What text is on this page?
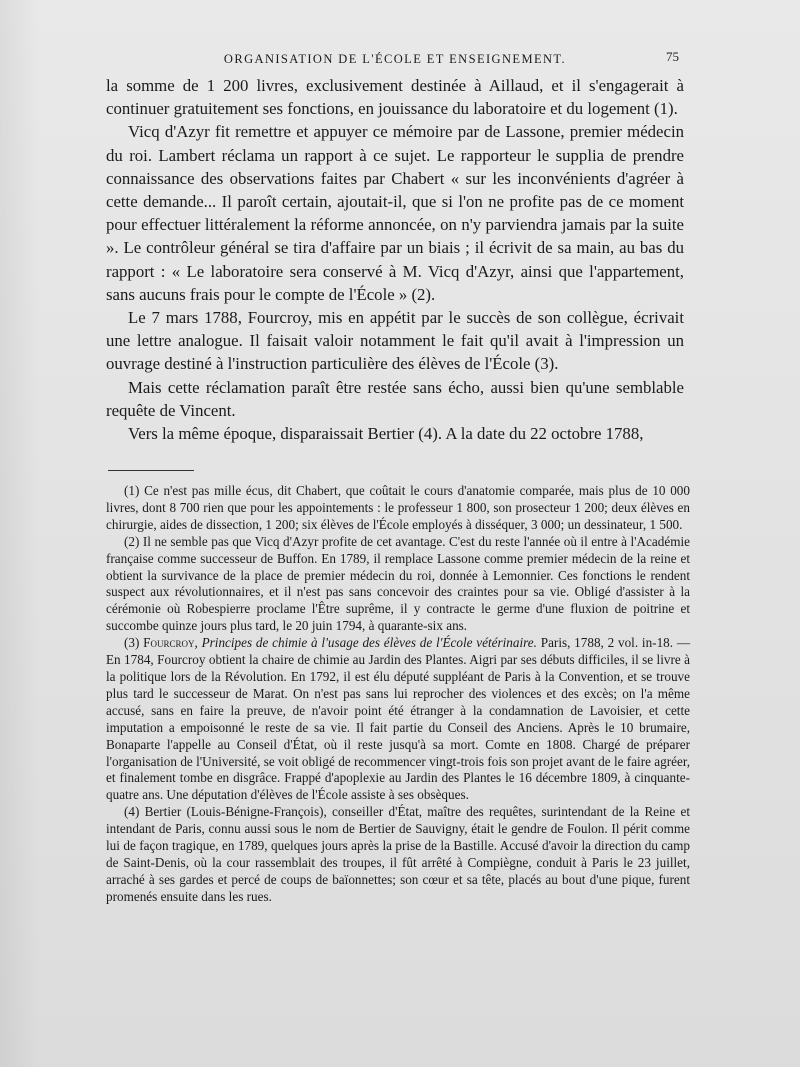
ORGANISATION DE L'ÉCOLE ET ENSEIGNEMENT.	75

la somme de 1 200 livres, exclusivement destinée à Aillaud, et il s'engagerait à continuer gratuitement ses fonctions, en jouissance du laboratoire et du logement (1).

Vicq d'Azyr fit remettre et appuyer ce mémoire par de Lassone, premier médecin du roi. Lambert réclama un rapport à ce sujet. Le rapporteur le supplia de prendre connaissance des observations faites par Chabert « sur les inconvénients d'agréer à cette demande... Il paroît certain, ajoutait-il, que si l'on ne profite pas de ce moment pour effectuer littéralement la réforme annoncée, on n'y parviendra jamais par la suite ». Le contrôleur général se tira d'affaire par un biais ; il écrivit de sa main, au bas du rapport : « Le laboratoire sera conservé à M. Vicq d'Azyr, ainsi que l'appartement, sans aucuns frais pour le compte de l'École » (2).

Le 7 mars 1788, Fourcroy, mis en appétit par le succès de son collègue, écrivait une lettre analogue. Il faisait valoir notamment le fait qu'il avait à l'impression un ouvrage destiné à l'instruction particulière des élèves de l'École (3).

Mais cette réclamation paraît être restée sans écho, aussi bien qu'une semblable requête de Vincent.

Vers la même époque, disparaissait Bertier (4). A la date du 22 octobre 1788,

(1) Ce n'est pas mille écus, dit Chabert, que coûtait le cours d'anatomie comparée, mais plus de 10 000 livres, dont 8 700 rien que pour les appointements : le professeur 1 800, son prosecteur 1 200; deux élèves en chirurgie, aides de dissection, 1 200; six élèves de l'École employés à disséquer, 3 000; un dessinateur, 1 500.

(2) Il ne semble pas que Vicq d'Azyr profite de cet avantage. C'est du reste l'année où il entre à l'Académie française comme successeur de Buffon. En 1789, il remplace Lassone comme premier médecin de la reine et obtient la survivance de la place de premier médecin du roi, donnée à Lemonnier. Ces fonctions le rendent suspect aux révolutionnaires, et il n'est pas sans concevoir des craintes pour sa vie. Obligé d'assister à la cérémonie où Robespierre proclame l'Être suprême, il y contracte le germe d'une fluxion de poitrine et succombe quinze jours plus tard, le 20 juin 1794, à quarante-six ans.

(3) Fourcroy, Principes de chimie à l'usage des élèves de l'École vétérinaire. Paris, 1788, 2 vol. in-18. — En 1784, Fourcroy obtient la chaire de chimie au Jardin des Plantes. Aigri par ses débuts difficiles, il se livre à la politique lors de la Révolution. En 1792, il est élu député suppléant de Paris à la Convention, et se trouve plus tard le successeur de Marat. On n'est pas sans lui reprocher des violences et des excès; on l'a même accusé, sans en faire la preuve, de n'avoir point été étranger à la condamnation de Lavoisier, et cette imputation a empoisonné le reste de sa vie. Il fait partie du Conseil des Anciens. Après le 10 brumaire, Bonaparte l'appelle au Conseil d'État, où il reste jusqu'à sa mort. Comte en 1808. Chargé de préparer l'organisation de l'Université, se voit obligé de recommencer vingt-trois fois son projet avant de le faire agréer, et finalement tombe en disgrâce. Frappé d'apoplexie au Jardin des Plantes le 16 décembre 1809, à cinquante-quatre ans. Une députation d'élèves de l'École assiste à ses obsèques.

(4) Bertier (Louis-Bénigne-François), conseiller d'État, maître des requêtes, surintendant de la Reine et intendant de Paris, connu aussi sous le nom de Bertier de Sauvigny, était le gendre de Foulon. Il périt comme lui de façon tragique, en 1789, quelques jours après la prise de la Bastille. Accusé d'avoir la direction du camp de Saint-Denis, où la cour rassemblait des troupes, il fût arrêté à Compiègne, conduit à Paris le 23 juillet, arraché à ses gardes et percé de coups de baïonnettes; son cœur et sa tête, placés au bout d'une pique, furent promenés ensuite dans les rues.
